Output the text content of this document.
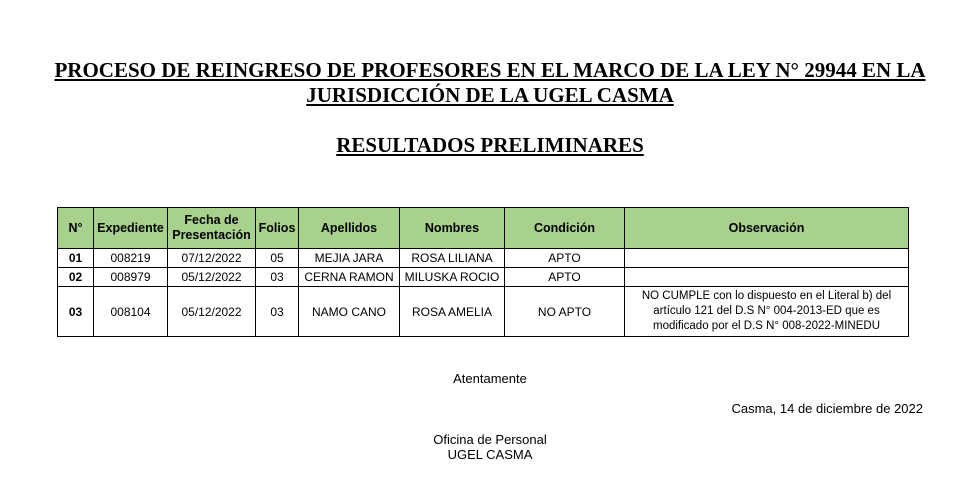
PROCESO DE REINGRESO DE PROFESORES EN EL MARCO DE LA LEY N° 29944 EN LA JURISDICCIÓN DE LA UGEL CASMA
RESULTADOS PRELIMINARES
N°	Expediente	Fecha de Presentación	Folios	Apellidos	Nombres	Condición	Observación
01	008219	07/12/2022	05	MEJIA JARA	ROSA LILIANA	APTO	
02	008979	05/12/2022	03	CERNA RAMON	MILUSKA ROCIO	APTO	
03	008104	05/12/2022	03	NAMO CANO	ROSA AMELIA	NO APTO	NO CUMPLE con lo dispuesto en el Literal b) del artículo 121 del D.S N° 004-2013-ED que es modificado por el D.S N° 008-2022-MINEDU
Atentamente
Casma, 14 de diciembre de 2022
Oficina de Personal
UGEL CASMA
